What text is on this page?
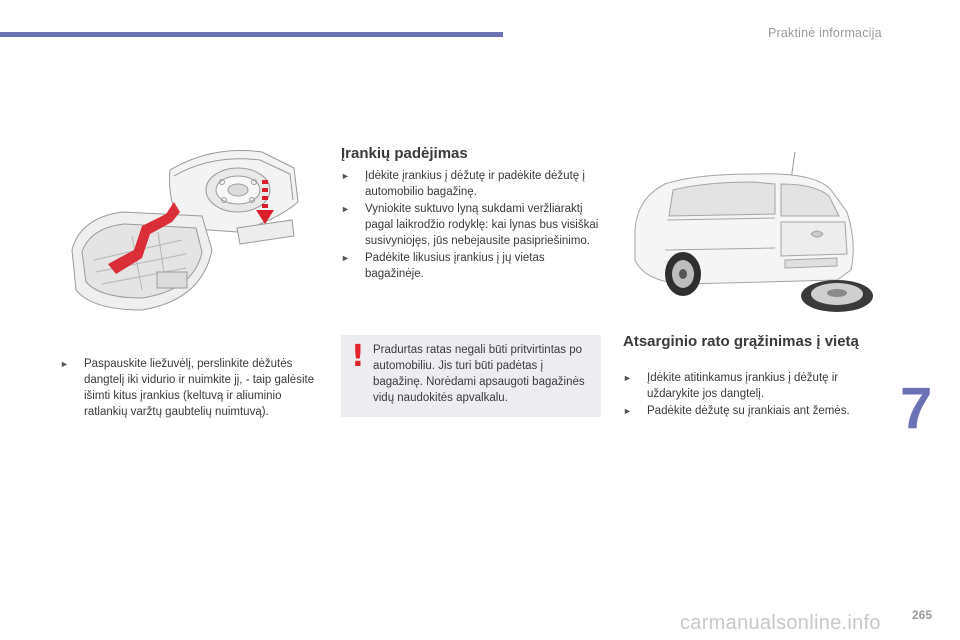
Praktinė informacija
Įrankių padėjimas
► Įdėkite įrankius į dėžutę ir padėkite dėžutę į automobilio bagažinę.
► Vyniokite suktuvo lyną sukdami veržliaraktį pagal laikrodžio rodyklę: kai lynas bus visiškai susivyniojęs, jūs nebejausite pasipriešinimo.
► Padėkite likusius įrankius į jų vietas bagažinėje.
► Paspauskite liežuvėlį, perslinkite dėžutės dangtelį iki vidurio ir nuimkite jį, - taip galėsite išimti kitus įrankius (keltuvą ir aliuminio ratlankių varžtų gaubtelių nuimtuvą).
! Pradurtas ratas negali būti pritvirtintas po automobiliu. Jis turi būti padėtas į bagažinę. Norėdami apsaugoti bagažinės vidų naudokitės apvalkalu.
Atsarginio rato grąžinimas į vietą
► Įdėkite atitinkamus įrankius į dėžutę ir uždarykite jos dangtelį.
► Padėkite dėžutę su įrankiais ant žemės. 7
carmanualsonline.info	265
